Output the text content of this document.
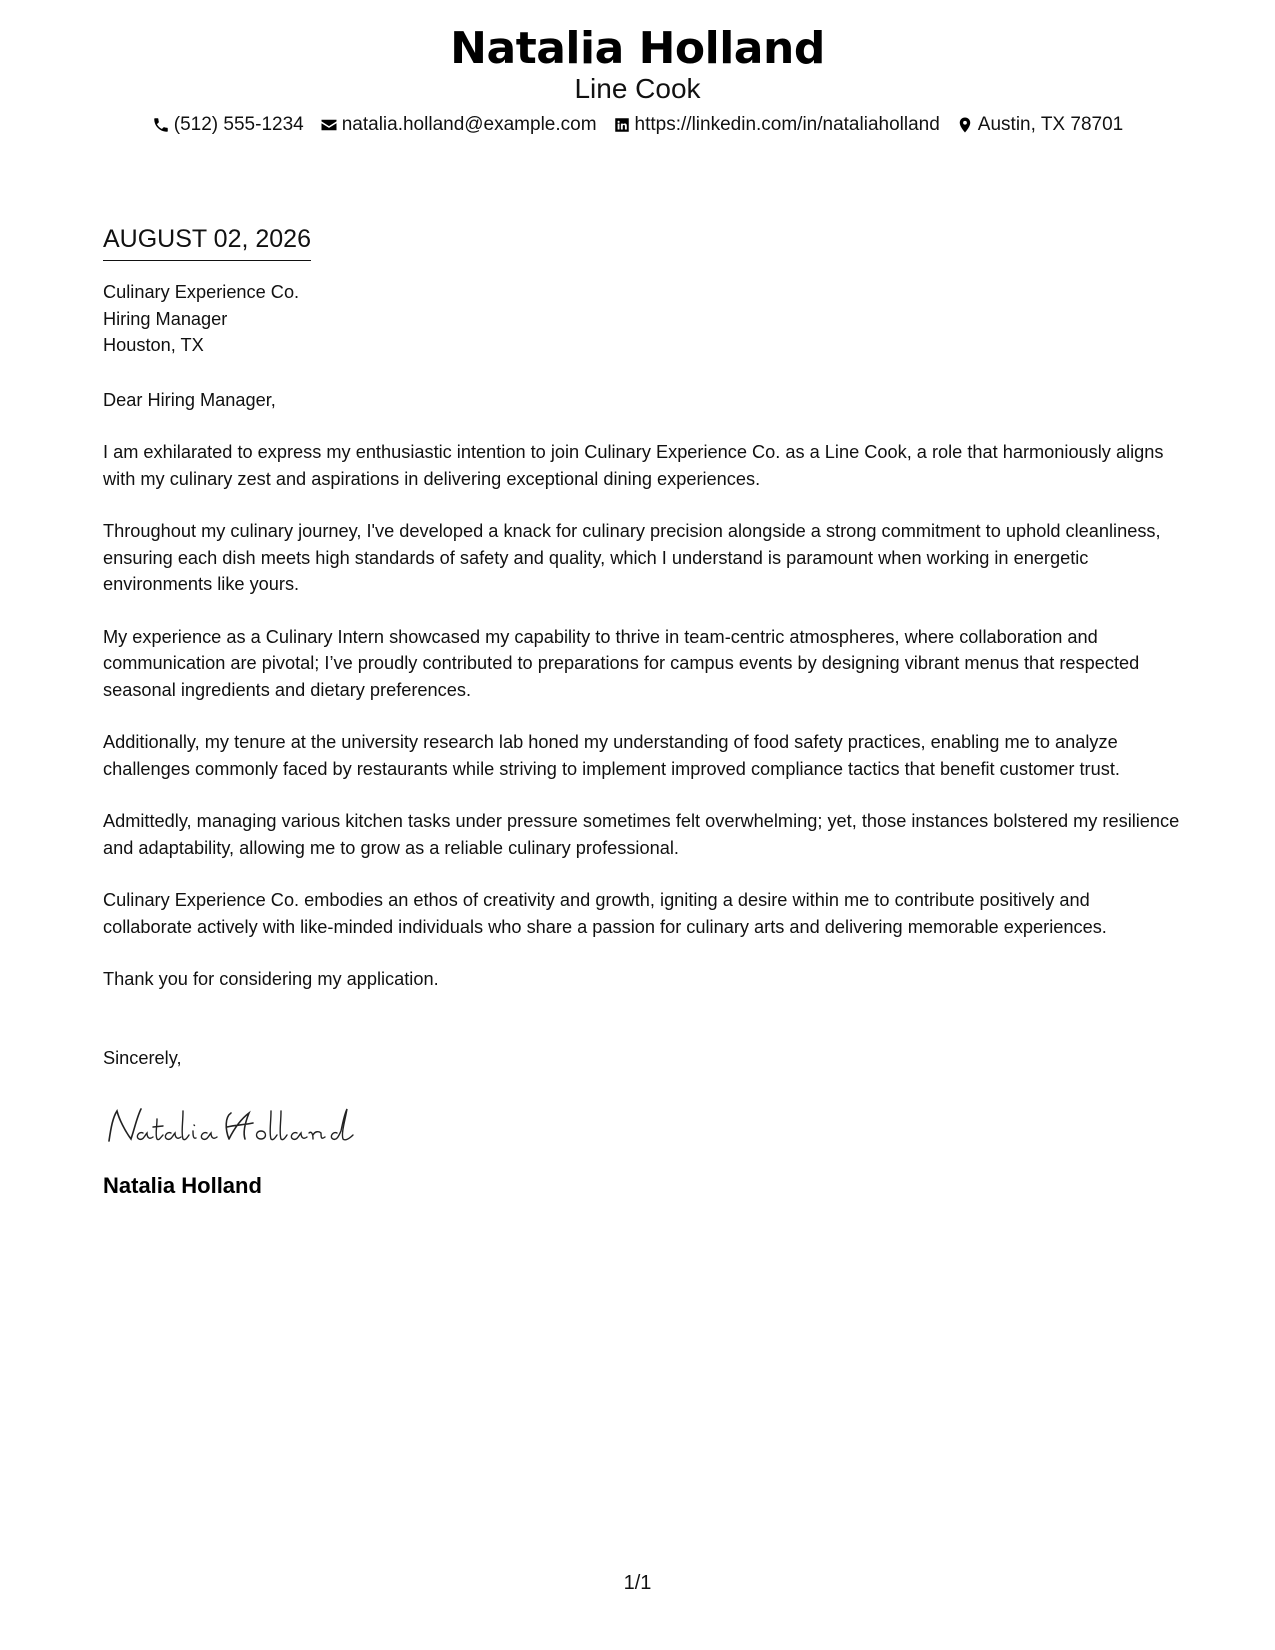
Natalia Holland
Line Cook
(512) 555-1234 natalia.holland@example.com https://linkedin.com/in/nataliaholland Austin, TX 78701
AUGUST 02, 2026
Culinary Experience Co.
Hiring Manager
Houston, TX
Dear Hiring Manager,

I am exhilarated to express my enthusiastic intention to join Culinary Experience Co. as a Line Cook, a role that harmoniously aligns with my culinary zest and aspirations in delivering exceptional dining experiences.

Throughout my culinary journey, I've developed a knack for culinary precision alongside a strong commitment to uphold cleanliness, ensuring each dish meets high standards of safety and quality, which I understand is paramount when working in energetic environments like yours.

My experience as a Culinary Intern showcased my capability to thrive in team-centric atmospheres, where collaboration and communication are pivotal; I’ve proudly contributed to preparations for campus events by designing vibrant menus that respected seasonal ingredients and dietary preferences.

Additionally, my tenure at the university research lab honed my understanding of food safety practices, enabling me to analyze challenges commonly faced by restaurants while striving to implement improved compliance tactics that benefit customer trust.

Admittedly, managing various kitchen tasks under pressure sometimes felt overwhelming; yet, those instances bolstered my resilience and adaptability, allowing me to grow as a reliable culinary professional.

Culinary Experience Co. embodies an ethos of creativity and growth, igniting a desire within me to contribute positively and collaborate actively with like-minded individuals who share a passion for culinary arts and delivering memorable experiences.

Thank you for considering my application.

Sincerely,
Natalia Holland
1/1
